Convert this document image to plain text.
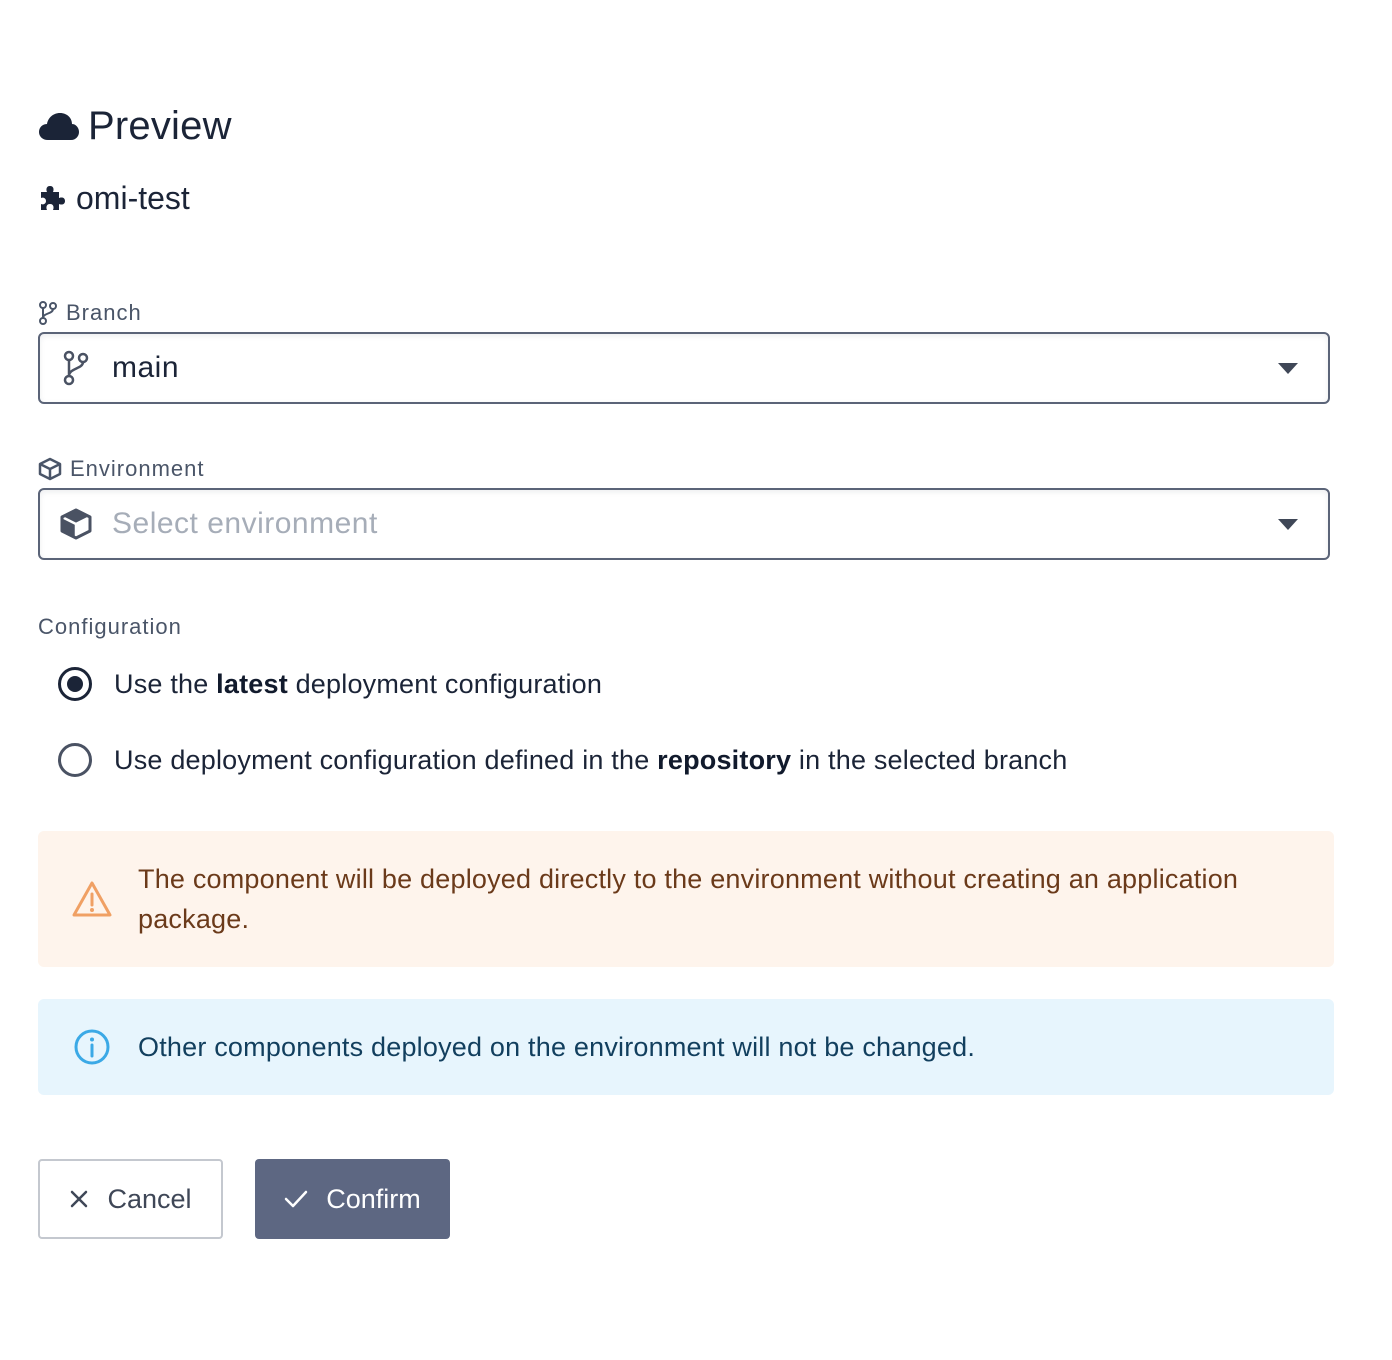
Preview
omi-test
Branch
main
Environment
Select environment
Configuration
Use the latest deployment configuration
Use deployment configuration defined in the repository in the selected branch
The component will be deployed directly to the environment without creating an application package.
Other components deployed on the environment will not be changed.
Cancel	Confirm
